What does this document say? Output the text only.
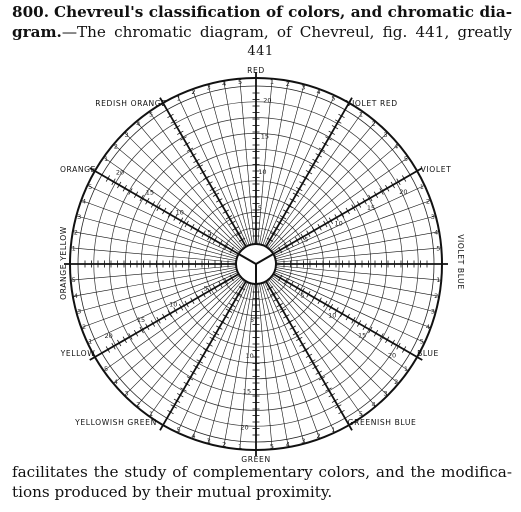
800. Chevreul's classification of colors, and chromatic dia-
gram.—The chromatic diagram, of Chevreul, fig. 441, greatly

441
1 2 3
4
5
1
2
3
4
5
1
2
3
4
5
1
2
3
4
5
1
2
3
4
5
1
2
3
4
5
1
2
3
4
5
1
2
3
4
5
1
2
3
4
5
1
2
3
4
5
1
2
3
4
5
1
2
3 4 5
20
15
10
5
20
15
10
5
20
15
10
5
20
15
10
5
20
15
10
5
20
15
10
5
RED
VIOLET RED
VIOLET
VIOLET BLUE
BLUE
GREENISH BLUE
GREEN
YELLOWISH GREEN
YELLOW
ORANGE YELLOW
ORANGE
REDISH ORANGE

facilitates the study of complementary colors, and the modifica-
tions produced by their mutual proximity.
